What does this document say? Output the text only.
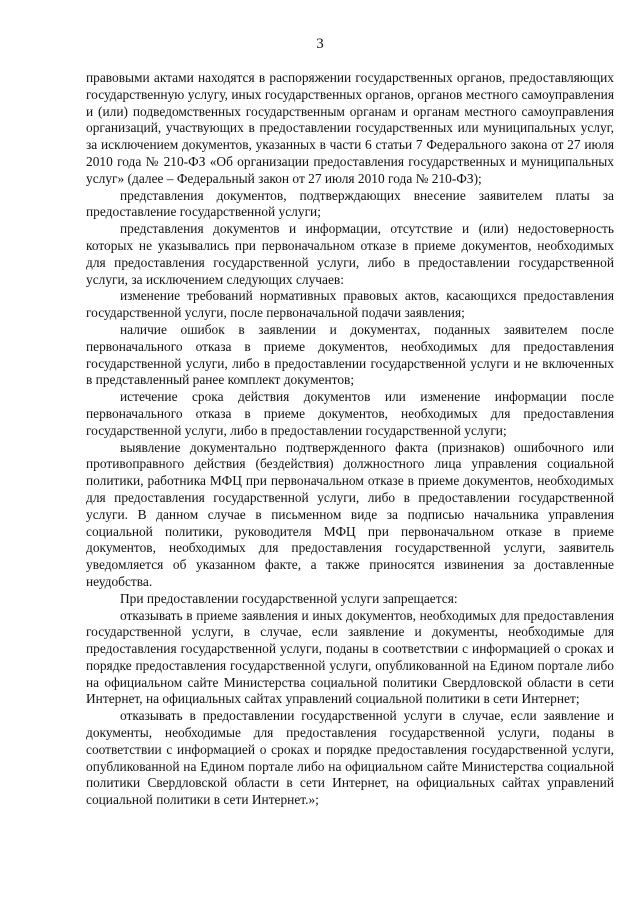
3

правовыми актами находятся в распоряжении государственных органов, предоставляющих государственную услугу, иных государственных органов, органов местного самоуправления и (или) подведомственных государственным органам и органам местного самоуправления организаций, участвующих в предоставлении государственных или муниципальных услуг, за исключением документов, указанных в части 6 статьи 7 Федерального закона от 27 июля 2010 года № 210-ФЗ «Об организации предоставления государственных и муниципальных услуг» (далее – Федеральный закон от 27 июля 2010 года № 210-ФЗ);

представления документов, подтверждающих внесение заявителем платы за предоставление государственной услуги;

представления документов и информации, отсутствие и (или) недостоверность которых не указывались при первоначальном отказе в приеме документов, необходимых для предоставления государственной услуги, либо в предоставлении государственной услуги, за исключением следующих случаев:

изменение требований нормативных правовых актов, касающихся предоставления государственной услуги, после первоначальной подачи заявления;

наличие ошибок в заявлении и документах, поданных заявителем после первоначального отказа в приеме документов, необходимых для предоставления государственной услуги, либо в предоставлении государственной услуги и не включенных в представленный ранее комплект документов;

истечение срока действия документов или изменение информации после первоначального отказа в приеме документов, необходимых для предоставления государственной услуги, либо в предоставлении государственной услуги;

выявление документально подтвержденного факта (признаков) ошибочного или противоправного действия (бездействия) должностного лица управления социальной политики, работника МФЦ при первоначальном отказе в приеме документов, необходимых для предоставления государственной услуги, либо в предоставлении государственной услуги. В данном случае в письменном виде за подписью начальника управления социальной политики, руководителя МФЦ при первоначальном отказе в приеме документов, необходимых для предоставления государственной услуги, заявитель уведомляется об указанном факте, а также приносятся извинения за доставленные неудобства.

При предоставлении государственной услуги запрещается:

отказывать в приеме заявления и иных документов, необходимых для предоставления государственной услуги, в случае, если заявление и документы, необходимые для предоставления государственной услуги, поданы в соответствии с информацией о сроках и порядке предоставления государственной услуги, опубликованной на Едином портале либо на официальном сайте Министерства социальной политики Свердловской области в сети Интернет, на официальных сайтах управлений социальной политики в сети Интернет;

отказывать в предоставлении государственной услуги в случае, если заявление и документы, необходимые для предоставления государственной услуги, поданы в соответствии с информацией о сроках и порядке предоставления государственной услуги, опубликованной на Едином портале либо на официальном сайте Министерства социальной политики Свердловской области в сети Интернет, на официальных сайтах управлений социальной политики в сети Интернет.»;
